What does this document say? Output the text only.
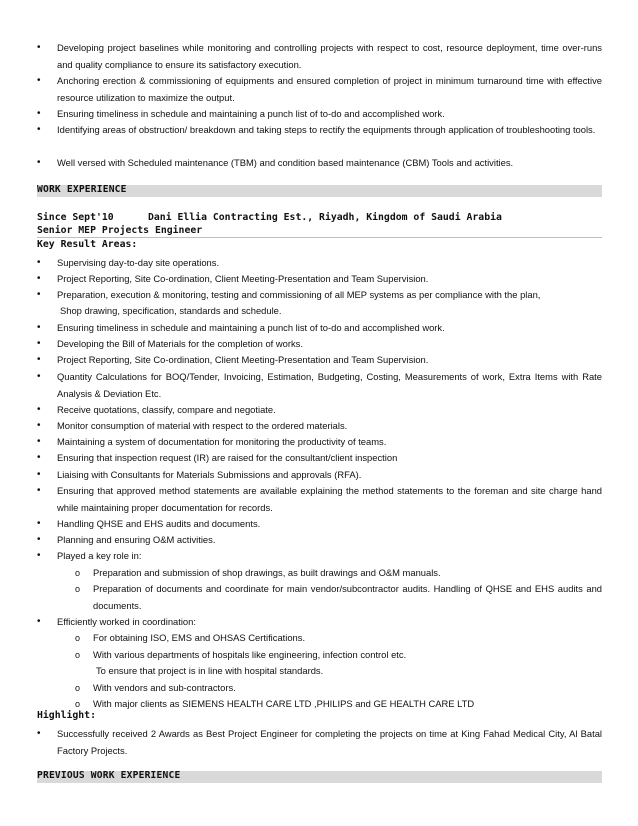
• Developing project baselines while monitoring and controlling projects with respect to cost, resource deployment, time over-runs and quality compliance to ensure its satisfactory execution.
• Anchoring erection & commissioning of equipments and ensured completion of project in minimum turnaround time with effective resource utilization to maximize the output.
• Ensuring timeliness in schedule and maintaining a punch list of to-do and accomplished work.
• Identifying areas of obstruction/ breakdown and taking steps to rectify the equipments through application of troubleshooting tools.
• Well versed with Scheduled maintenance (TBM) and condition based maintenance (CBM) Tools and activities.
WORK EXPERIENCE
Since Sept'10	Dani Ellia Contracting Est., Riyadh, Kingdom of Saudi Arabia
Senior MEP Projects Engineer
Key Result Areas:
• Supervising day-to-day site operations.
• Project Reporting, Site Co-ordination, Client Meeting-Presentation and Team Supervision.
• Preparation, execution & monitoring, testing and commissioning of all MEP systems as per compliance with the plan,
Shop drawing, specification, standards and schedule.
• Ensuring timeliness in schedule and maintaining a punch list of to-do and accomplished work.
• Developing the Bill of Materials for the completion of works.
• Project Reporting, Site Co-ordination, Client Meeting-Presentation and Team Supervision.
• Quantity Calculations for BOQ/Tender, Invoicing, Estimation, Budgeting, Costing, Measurements of work, Extra Items with Rate Analysis & Deviation Etc.
• Receive quotations, classify, compare and negotiate.
• Monitor consumption of material with respect to the ordered materials.
• Maintaining a system of documentation for monitoring the productivity of teams.
• Ensuring that inspection request (IR) are raised for the consultant/client inspection
• Liaising with Consultants for Materials Submissions and approvals (RFA).
• Ensuring that approved method statements are available explaining the method statements to the foreman and site charge hand while maintaining proper documentation for records.
• Handling QHSE and EHS audits and documents.
• Planning and ensuring O&M activities.
• Played a key role in:
o Preparation and submission of shop drawings, as built drawings and O&M manuals.
o Preparation of documents and coordinate for main vendor/subcontractor audits. Handling of QHSE and EHS audits and documents.
• Efficiently worked in coordination:
o For obtaining ISO, EMS and OHSAS Certifications.
o With various departments of hospitals like engineering, infection control etc.
To ensure that project is in line with hospital standards.
o With vendors and sub-contractors.
o With major clients as SIEMENS HEALTH CARE LTD ,PHILIPS and GE HEALTH CARE LTD
Highlight:
• Successfully received 2 Awards as Best Project Engineer for completing the projects on time at King Fahad Medical City, Al Batal Factory Projects.
PREVIOUS WORK EXPERIENCE
